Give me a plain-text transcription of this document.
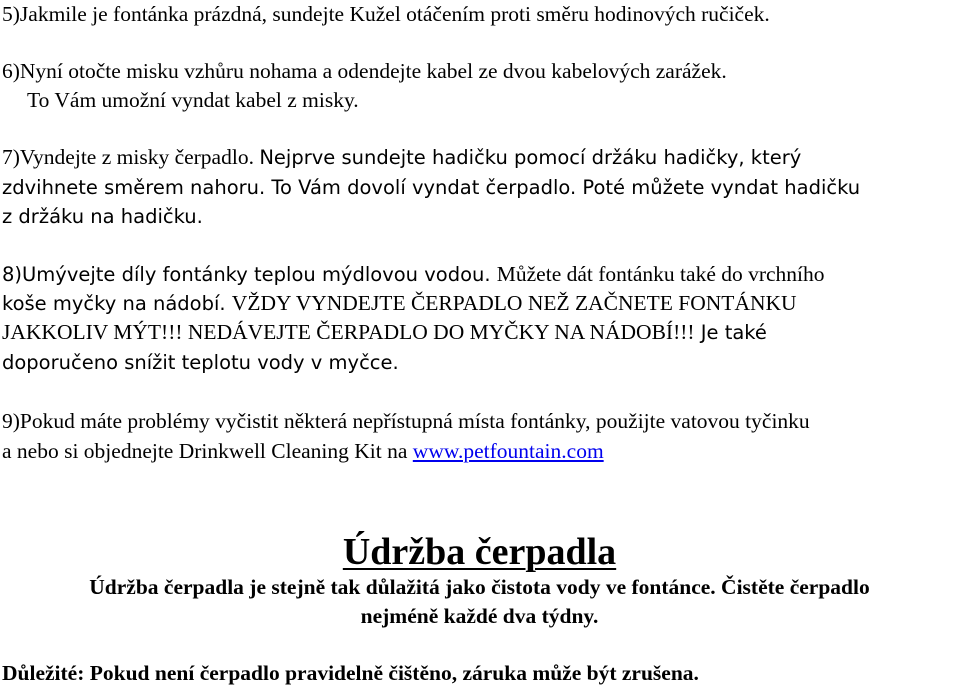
5)Jakmile je fontánka prázdná, sundejte Kužel otáčením proti směru hodinových ručiček.
6)Nyní otočte misku vzhůru nohama a odendejte kabel ze dvou kabelových zarážek.
To Vám umožní vyndat kabel z misky.
7)Vyndejte z misky čerpadlo. Nejprve sundejte hadičku pomocí držáku hadičky, který
zdvihnete směrem nahoru. To Vám dovolí vyndat čerpadlo. Poté můžete vyndat hadičku
z držáku na hadičku.
8)Umývejte díly fontánky teplou mýdlovou vodou. Můžete dát fontánku také do vrchního
koše myčky na nádobí. VŽDY VYNDEJTE ČERPADLO NEŽ ZAČNETE FONTÁNKU
JAKKOLIV MÝT!!! NEDÁVEJTE ČERPADLO DO MYČKY NA NÁDOBÍ!!! Je také
doporučeno snížit teplotu vody v myčce.
9)Pokud máte problémy vyčistit některá nepřístupná místa fontánky, použijte vatovou tyčinku
a nebo si objednejte Drinkwell Cleaning Kit na www.petfountain.com
Údržba čerpadla
Údržba čerpadla je stejně tak důlažitá jako čistota vody ve fontánce. Čistěte čerpadlo
nejméně každé dva týdny.
Důležité: Pokud není čerpadlo pravidelně čištěno, záruka může být zrušena.
